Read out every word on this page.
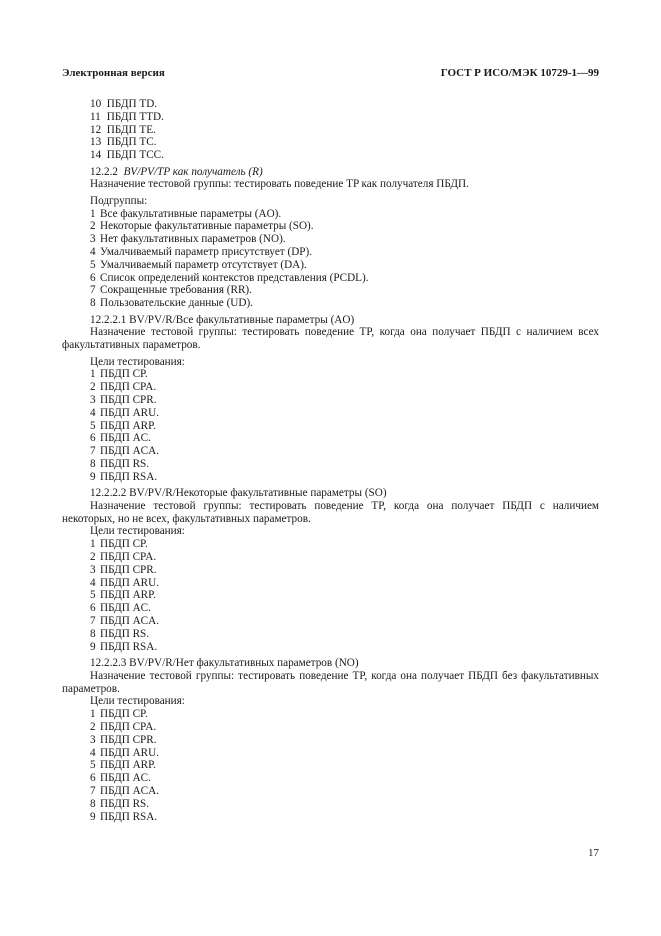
Электронная версия	ГОСТ Р ИСО/МЭК 10729-1—99
10 ПБДП TD.
11 ПБДП TTD.
12 ПБДП TE.
13 ПБДП TC.
14 ПБДП TCC.
12.2.2 BV/PV/TP как получатель (R)
Назначение тестовой группы: тестировать поведение TP как получателя ПБДП.
Подгруппы:
1 Все факультативные параметры (AO).
2 Некоторые факультативные параметры (SO).
3 Нет факультативных параметров (NO).
4 Умалчиваемый параметр присутствует (DP).
5 Умалчиваемый параметр отсутствует (DA).
6 Список определений контекстов представления (PCDL).
7 Сокращенные требования (RR).
8 Пользовательские данные (UD).
12.2.2.1 BV/PV/R/Все факультативные параметры (AO)
Назначение тестовой группы: тестировать поведение TP, когда она получает ПБДП с наличием всех факультативных параметров.
Цели тестирования:
1 ПБДП CP.
2 ПБДП CPA.
3 ПБДП CPR.
4 ПБДП ARU.
5 ПБДП ARP.
6 ПБДП AC.
7 ПБДП ACA.
8 ПБДП RS.
9 ПБДП RSA.
12.2.2.2 BV/PV/R/Некоторые факультативные параметры (SO)
Назначение тестовой группы: тестировать поведение TP, когда она получает ПБДП с наличием некоторых, но не всех, факультативных параметров.
Цели тестирования:
1 ПБДП CP.
2 ПБДП CPA.
3 ПБДП CPR.
4 ПБДП ARU.
5 ПБДП ARP.
6 ПБДП AC.
7 ПБДП ACA.
8 ПБДП RS.
9 ПБДП RSA.
12.2.2.3 BV/PV/R/Нет факультативных параметров (NO)
Назначение тестовой группы: тестировать поведение TP, когда она получает ПБДП без факультативных параметров.
Цели тестирования:
1 ПБДП CP.
2 ПБДП CPA.
3 ПБДП CPR.
4 ПБДП ARU.
5 ПБДП ARP.
6 ПБДП AC.
7 ПБДП ACA.
8 ПБДП RS.
9 ПБДП RSA.
17
